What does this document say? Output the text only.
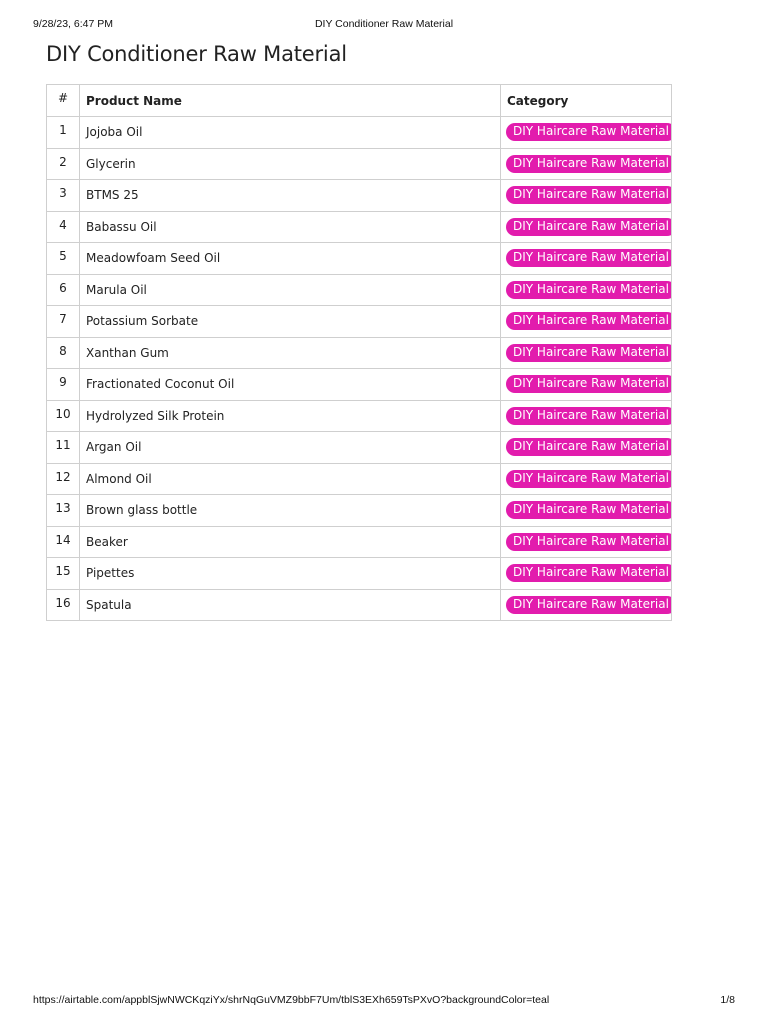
9/28/23, 6:47 PM	DIY Conditioner Raw Material
DIY Conditioner Raw Material
#	Product Name	Category
1	Jojoba Oil	DIY Haircare Raw Material
2	Glycerin	DIY Haircare Raw Material
3	BTMS 25	DIY Haircare Raw Material
4	Babassu Oil	DIY Haircare Raw Material
5	Meadowfoam Seed Oil	DIY Haircare Raw Material
6	Marula Oil	DIY Haircare Raw Material
7	Potassium Sorbate	DIY Haircare Raw Material
8	Xanthan Gum	DIY Haircare Raw Material
9	Fractionated Coconut Oil	DIY Haircare Raw Material
10	Hydrolyzed Silk Protein	DIY Haircare Raw Material
11	Argan Oil	DIY Haircare Raw Material
12	Almond Oil	DIY Haircare Raw Material
13	Brown glass bottle	DIY Haircare Raw Material
14	Beaker	DIY Haircare Raw Material
15	Pipettes	DIY Haircare Raw Material
16	Spatula	DIY Haircare Raw Material
https://airtable.com/appblSjwNWCKqziYx/shrNqGuVMZ9bbF7Um/tblS3EXh659TsPXvO?backgroundColor=teal	1/8
